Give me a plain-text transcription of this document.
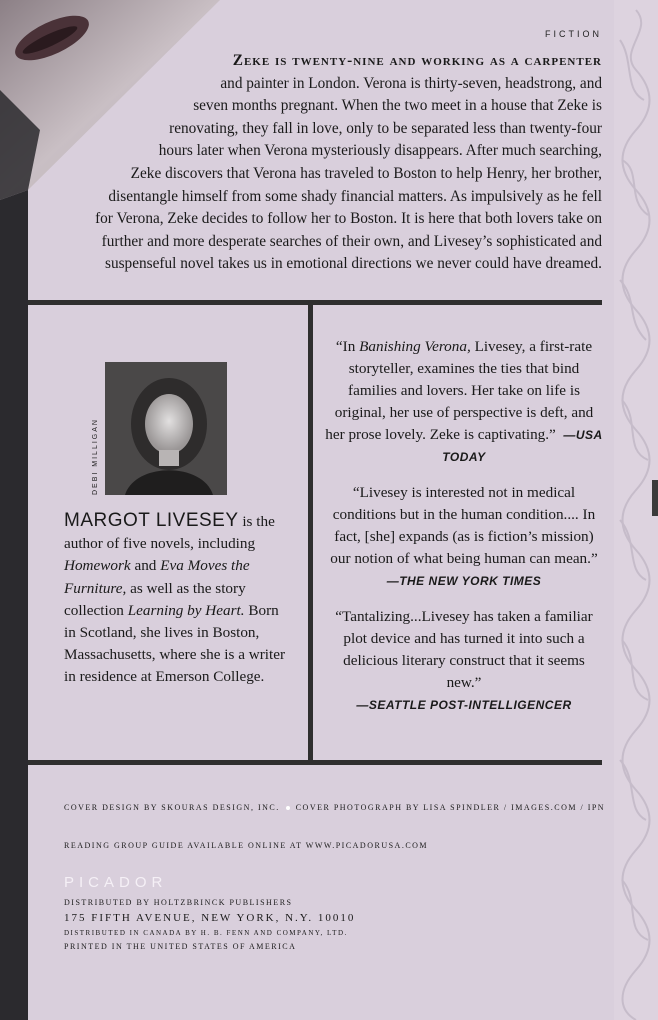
FICTION
Zeke is twenty-nine and working as a carpenter
and painter in London. Verona is thirty-seven, headstrong, and
seven months pregnant. When the two meet in a house that Zeke is
renovating, they fall in love, only to be separated less than twenty-four
hours later when Verona mysteriously disappears. After much searching,
Zeke discovers that Verona has traveled to Boston to help Henry, her brother,
disentangle himself from some shady financial matters. As impulsively as he fell
for Verona, Zeke decides to follow her to Boston. It is here that both lovers take on
further and more desperate searches of their own, and Livesey’s sophisticated and
suspenseful novel takes us in emotional directions we never could have dreamed.
DEBI MILLIGAN
MARGOT LIVESEY is the author of five novels, including Homework and Eva Moves the Furniture, as well as the story collection Learning by Heart. Born in Scotland, she lives in Boston, Massachusetts, where she is a writer in residence at Emerson College.
“In Banishing Verona, Livesey, a first-rate storyteller, examines the ties that bind families and lovers. Her take on life is original, her use of perspective is deft, and her prose lovely. Zeke is captivating.” —USA TODAY
“Livesey is interested not in medical conditions but in the human condition.... In fact, [she] expands (as is fiction’s mission) our notion of what being human can mean.”
—THE NEW YORK TIMES
“Tantalizing...Livesey has taken a familiar plot device and has turned it into such a delicious literary construct that it seems new.”
—SEATTLE POST-INTELLIGENCER
COVER DESIGN BY SKOURAS DESIGN, INC. COVER PHOTOGRAPH BY LISA SPINDLER / IMAGES.COM / IPN
READING GROUP GUIDE AVAILABLE ONLINE AT WWW.PICADORUSA.COM
PICADOR
DISTRIBUTED BY HOLTZBRINCK PUBLISHERS
175 FIFTH AVENUE, NEW YORK, N.Y. 10010
DISTRIBUTED IN CANADA BY H. B. FENN AND COMPANY, LTD.
PRINTED IN THE UNITED STATES OF AMERICA
